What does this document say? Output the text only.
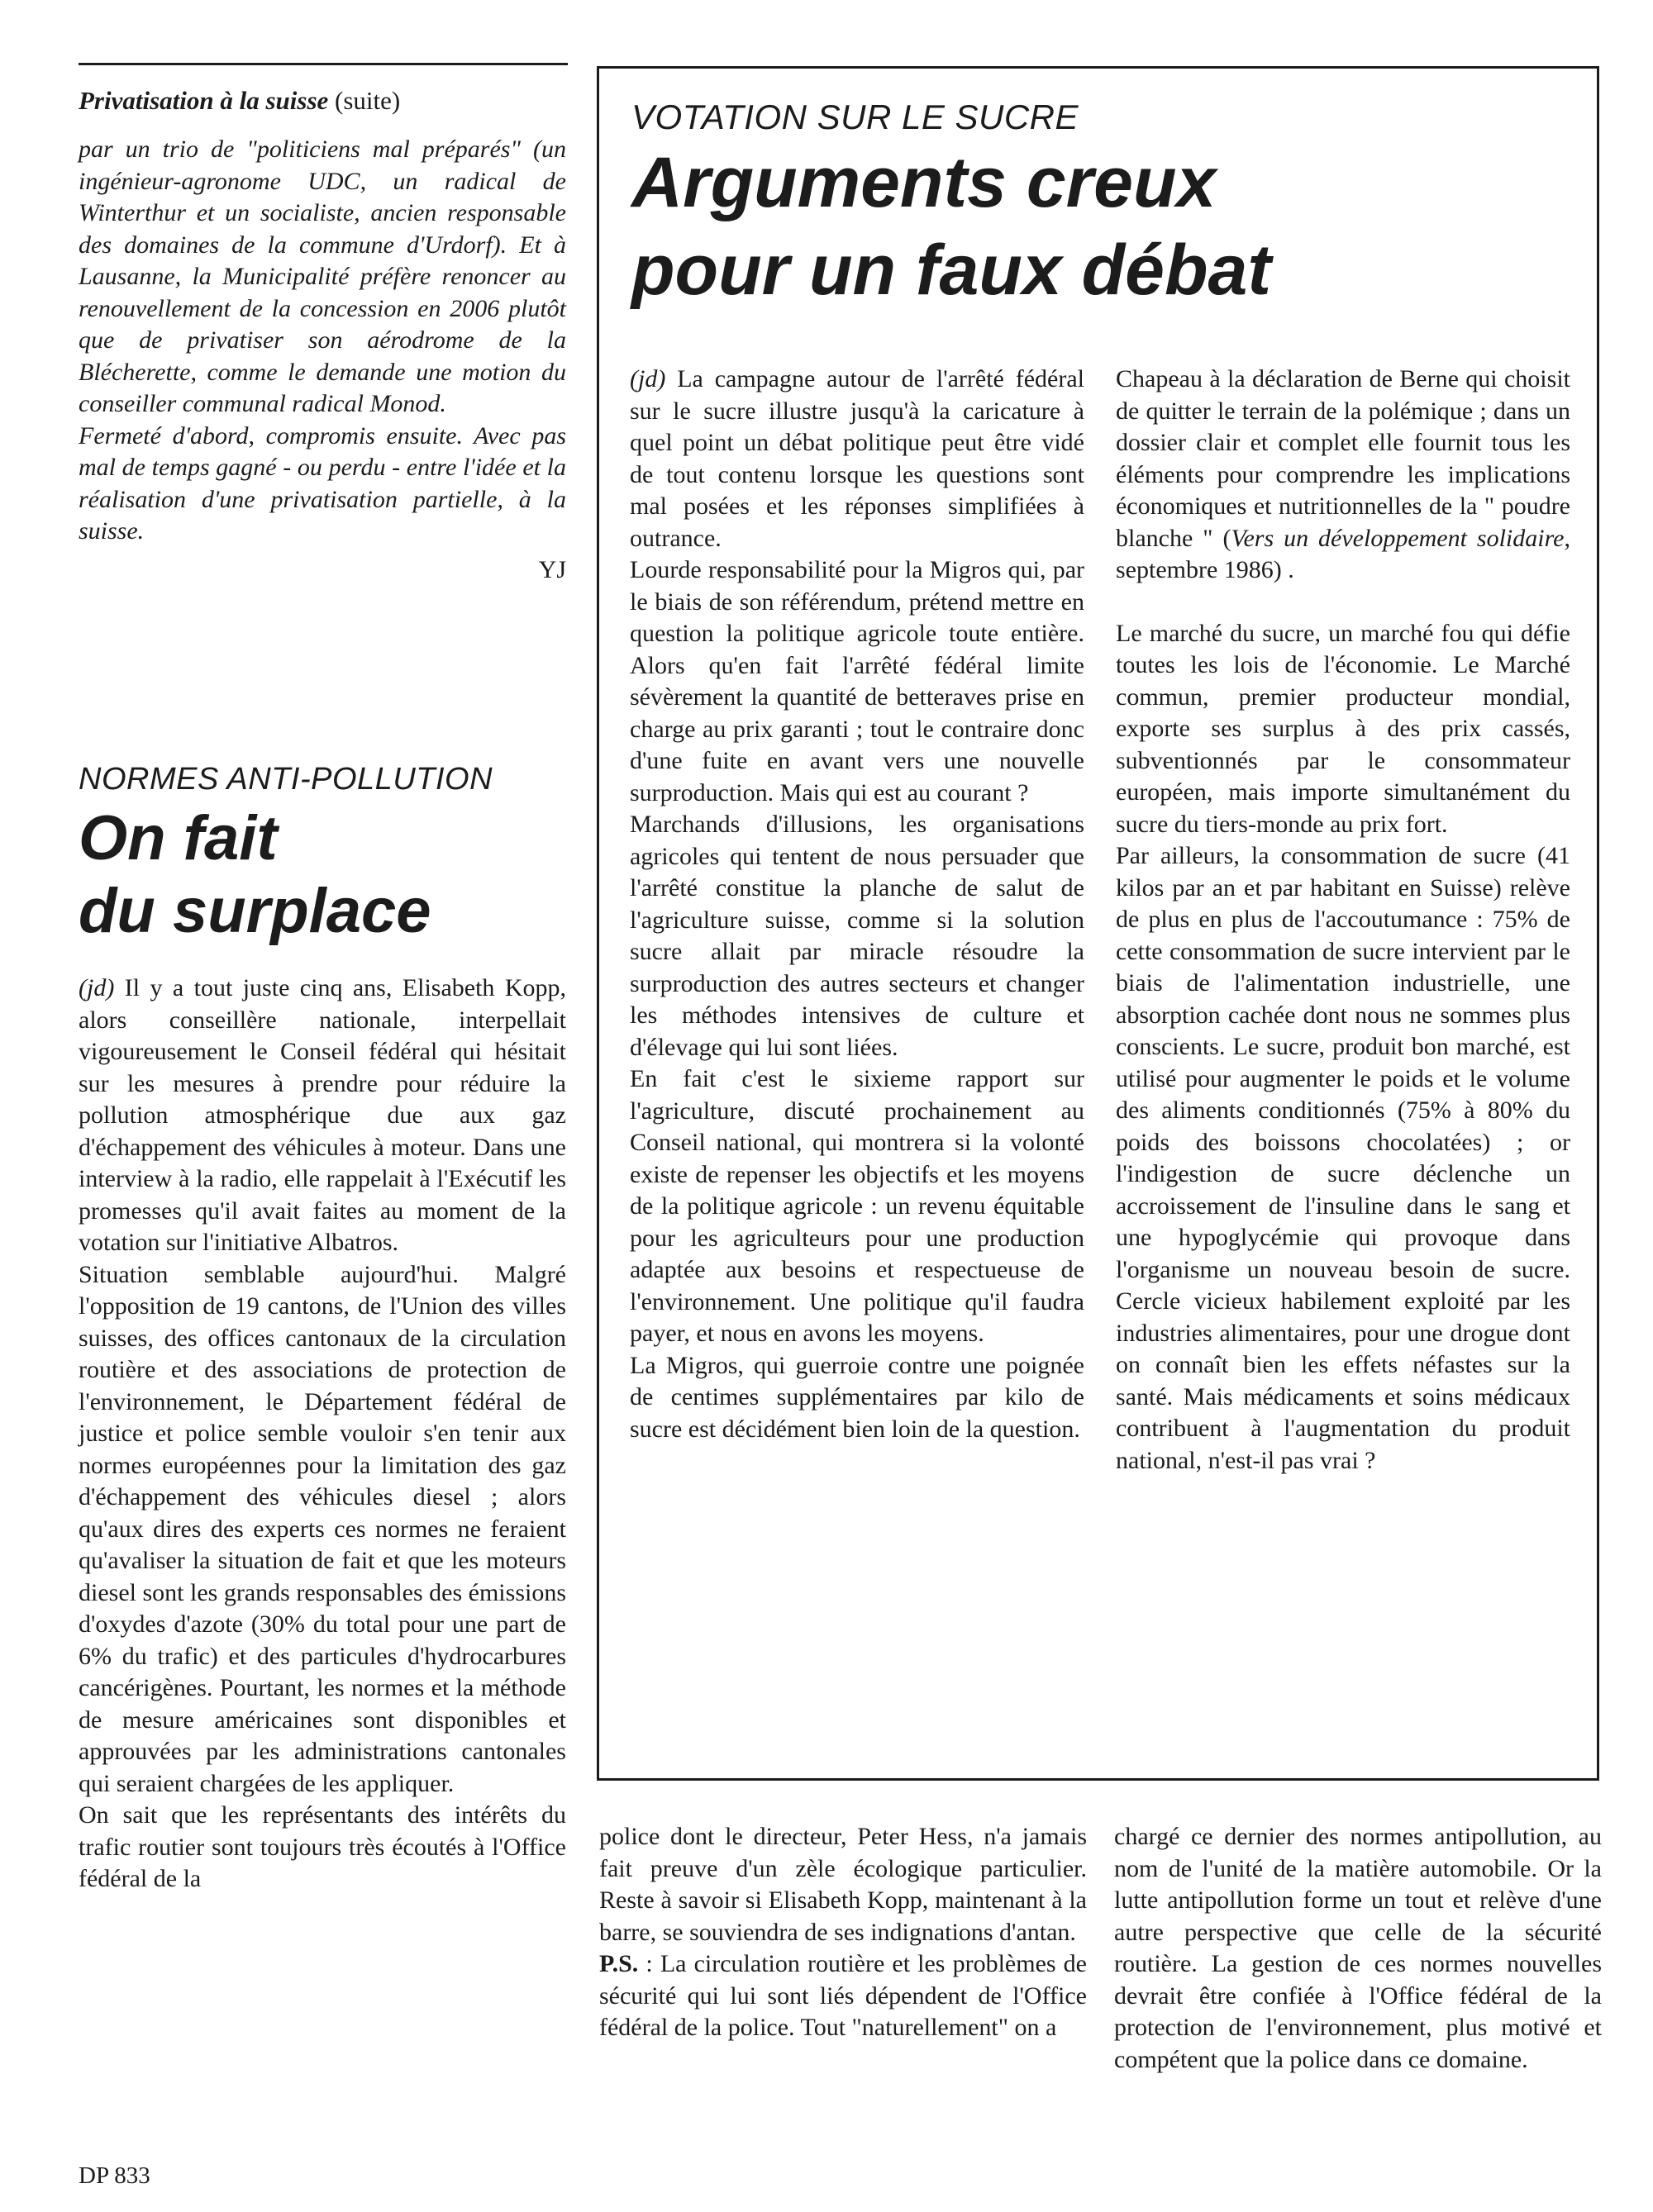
Privatisation à la suisse (suite)

par un trio de "politiciens mal préparés" (un ingénieur-agronome UDC, un radical de Winterthur et un socialiste, ancien responsable des domaines de la commune d'Urdorf). Et à Lausanne, la Municipalité préfère renoncer au renouvellement de la concession en 2006 plutôt que de privatiser son aérodrome de la Blécherette, comme le demande une motion du conseiller communal radical Monod.

Fermeté d'abord, compromis ensuite. Avec pas mal de temps gagné - ou perdu - entre l'idée et la réalisation d'une privatisation partielle, à la suisse.

YJ

NORMES ANTI-POLLUTION

On fait

du surplace

(jd) Il y a tout juste cinq ans, Elisabeth Kopp, alors conseillère nationale, interpellait vigoureusement le Conseil fédéral qui hésitait sur les mesures à prendre pour réduire la pollution atmosphérique due aux gaz d'échappement des véhicules à moteur. Dans une interview à la radio, elle rappelait à l'Exécutif les promesses qu'il avait faites au moment de la votation sur l'initiative Albatros.

Situation semblable aujourd'hui. Malgré l'opposition de 19 cantons, de l'Union des villes suisses, des offices cantonaux de la circulation routière et des associations de protection de l'environnement, le Département fédéral de justice et police semble vouloir s'en tenir aux normes européennes pour la limitation des gaz d'échappement des véhicules diesel ; alors qu'aux dires des experts ces normes ne feraient qu'avaliser la situation de fait et que les moteurs diesel sont les grands responsables des émissions d'oxydes d'azote (30% du total pour une part de 6% du trafic) et des particules d'hydrocarbures cancérigènes. Pourtant, les normes et la méthode de mesure américaines sont disponibles et approuvées par les administrations cantonales qui seraient chargées de les appliquer.

On sait que les représentants des intérêts du trafic routier sont toujours très écoutés à l'Office fédéral de la

police dont le directeur, Peter Hess, n'a jamais fait preuve d'un zèle écologique particulier. Reste à savoir si Elisabeth Kopp, maintenant à la barre, se souviendra de ses indignations d'antan.

P.S. : La circulation routière et les problèmes de sécurité qui lui sont liés dépendent de l'Office fédéral de la police. Tout "naturellement" on a

chargé ce dernier des normes antipollution, au nom de l'unité de la matière automobile. Or la lutte antipollution forme un tout et relève d'une autre perspective que celle de la sécurité routière. La gestion de ces normes nouvelles devrait être confiée à l'Office fédéral de la protection de l'environnement, plus motivé et compétent que la police dans ce domaine.

VOTATION SUR LE SUCRE

Arguments creux

pour un faux débat

(jd) La campagne autour de l'arrêté fédéral sur le sucre illustre jusqu'à la caricature à quel point un débat politique peut être vidé de tout contenu lorsque les questions sont mal posées et les réponses simplifiées à outrance.

Lourde responsabilité pour la Migros qui, par le biais de son référendum, prétend mettre en question la politique agricole toute entière. Alors qu'en fait l'arrêté fédéral limite sévèrement la quantité de betteraves prise en charge au prix garanti ; tout le contraire donc d'une fuite en avant vers une nouvelle surproduction. Mais qui est au courant ?

Marchands d'illusions, les organisations agricoles qui tentent de nous persuader que l'arrêté constitue la planche de salut de l'agriculture suisse, comme si la solution sucre allait par miracle résoudre la surproduction des autres secteurs et changer les méthodes intensives de culture et d'élevage qui lui sont liées.

En fait c'est le sixieme rapport sur l'agriculture, discuté prochainement au Conseil national, qui montrera si la volonté existe de repenser les objectifs et les moyens de la politique agricole : un revenu équitable pour les agriculteurs pour une production adaptée aux besoins et respectueuse de l'environnement. Une politique qu'il faudra payer, et nous en avons les moyens.

La Migros, qui guerroie contre une poignée de centimes supplémentaires par kilo de sucre est décidément bien loin de la question.

Chapeau à la déclaration de Berne qui choisit de quitter le terrain de la polémique ; dans un dossier clair et complet elle fournit tous les éléments pour comprendre les implications économiques et nutritionnelles de la " poudre blanche " (Vers un développement solidaire, septembre 1986) .

Le marché du sucre, un marché fou qui défie toutes les lois de l'économie. Le Marché commun, premier producteur mondial, exporte ses surplus à des prix cassés, subventionnés par le consommateur européen, mais importe simultanément du sucre du tiers-monde au prix fort.

Par ailleurs, la consommation de sucre (41 kilos par an et par habitant en Suisse) relève de plus en plus de l'accoutumance : 75% de cette consommation de sucre intervient par le biais de l'alimentation industrielle, une absorption cachée dont nous ne sommes plus conscients. Le sucre, produit bon marché, est utilisé pour augmenter le poids et le volume des aliments conditionnés (75% à 80% du poids des boissons chocolatées) ; or l'indigestion de sucre déclenche un accroissement de l'insuline dans le sang et une hypoglycémie qui provoque dans l'organisme un nouveau besoin de sucre. Cercle vicieux habilement exploité par les industries alimentaires, pour une drogue dont on connaît bien les effets néfastes sur la santé. Mais médicaments et soins médicaux contribuent à l'augmentation du produit national, n'est-il pas vrai ?

DP 833
